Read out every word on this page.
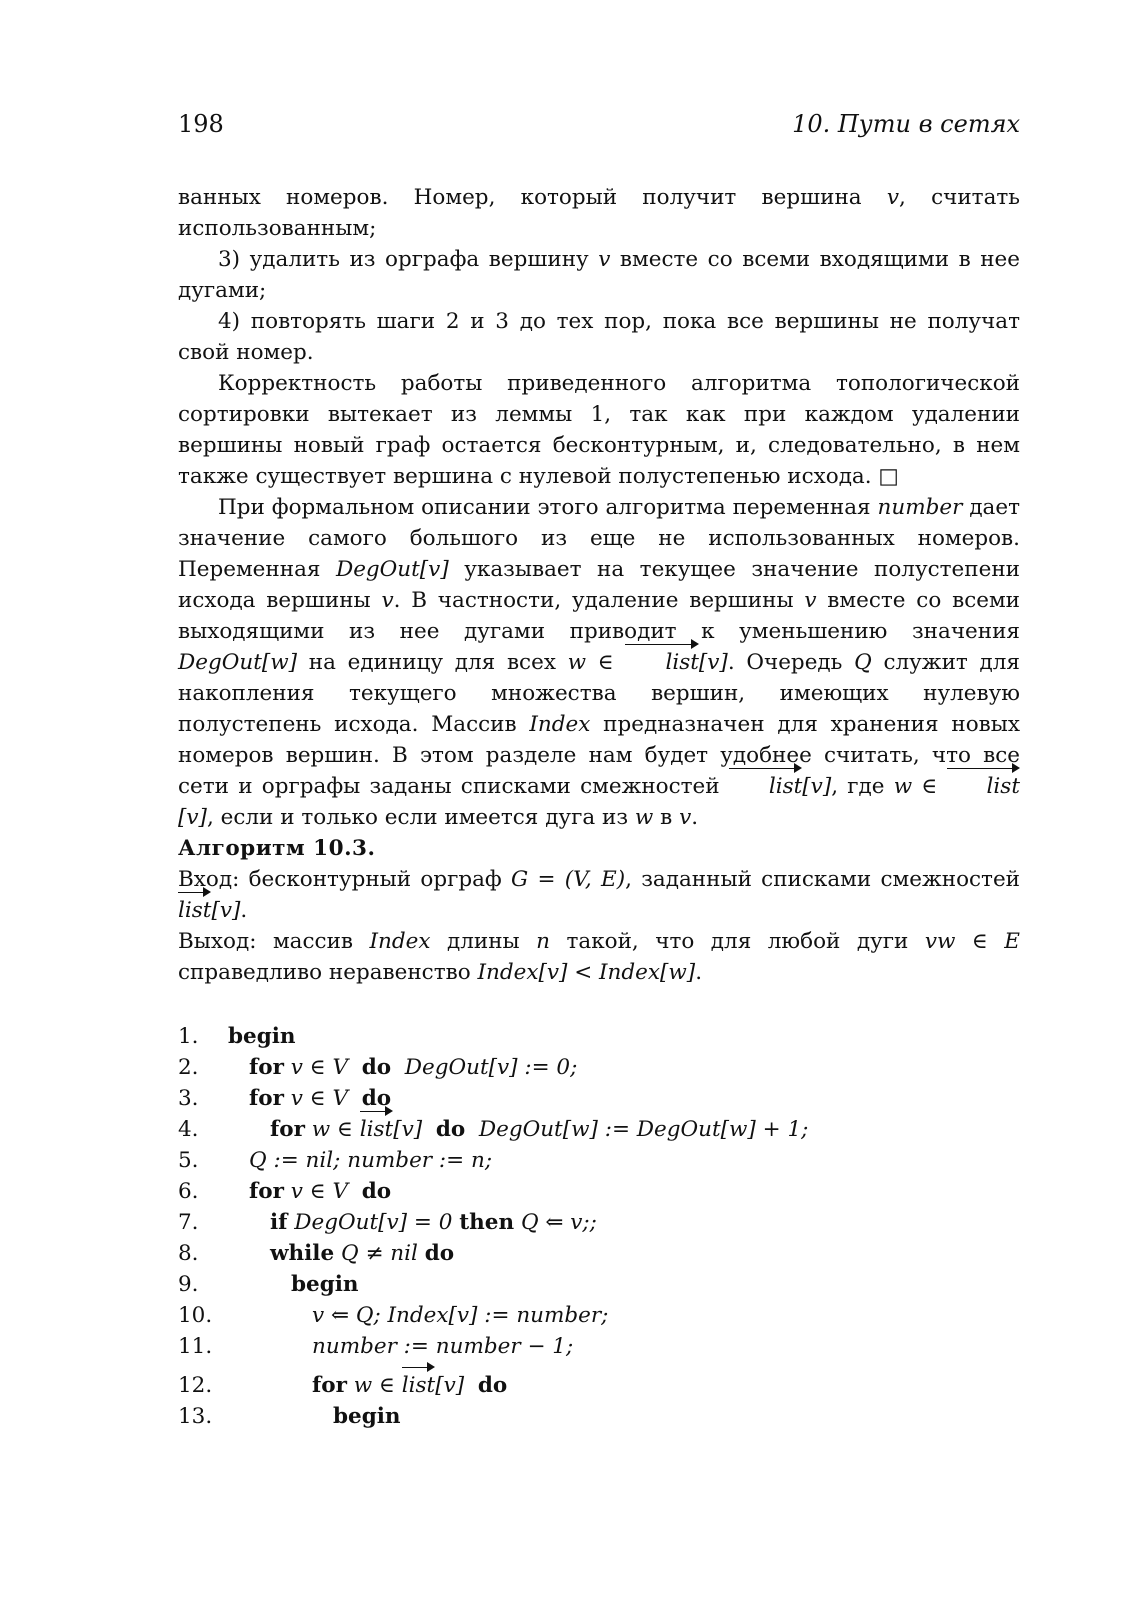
198	10. Пути в сетях

ванных номеров. Номер, который получит вершина v, считать использованным;

3) удалить из орграфа вершину v вместе со всеми входящими в нее дугами;

4) повторять шаги 2 и 3 до тех пор, пока все вершины не получат свой номер.

Корректность работы приведенного алгоритма топологической сортировки вытекает из леммы 1, так как при каждом удалении вершины новый граф остается бесконтурным, и, следовательно, в нем также существует вершина с нулевой полустепенью исхода. □

При формальном описании этого алгоритма переменная number дает значение самого большого из еще не использованных номеров. Переменная DegOut[v] указывает на текущее значение полустепени исхода вершины v. В частности, удаление вершины v вместе со всеми выходящими из нее дугами приводит к уменьшению значения DegOut[w] на единицу для всех w ∈ list[v]. Очередь Q служит для накопления текущего множества вершин, имеющих нулевую полустепень исхода. Массив Index предназначен для хранения новых номеров вершин. В этом разделе нам будет удобнее считать, что все сети и орграфы заданы списками смежностей list[v], где w ∈ list[v], если и только если имеется дуга из w в v.

Алгоритм 10.3.

Вход: бесконтурный орграф G = (V, E), заданный списками смежностей list[v].

Выход: массив Index длины n такой, что для любой дуги vw ∈ E справедливо неравенство Index[v] < Index[w].

1.	begin
2.	for v ∈ V do DegOut[v] := 0;
3.	for v ∈ V do
4.	for w ∈ list[v] do DegOut[w] := DegOut[w] + 1;
5.	Q := nil; number := n;
6.	for v ∈ V do
7.	if DegOut[v] = 0 then Q ⇐ v;;
8.	while Q ≠ nil do
9.	begin
10.	v ⇐ Q; Index[v] := number;
11.	number := number − 1;
12.	for w ∈ list[v] do
13.	begin
